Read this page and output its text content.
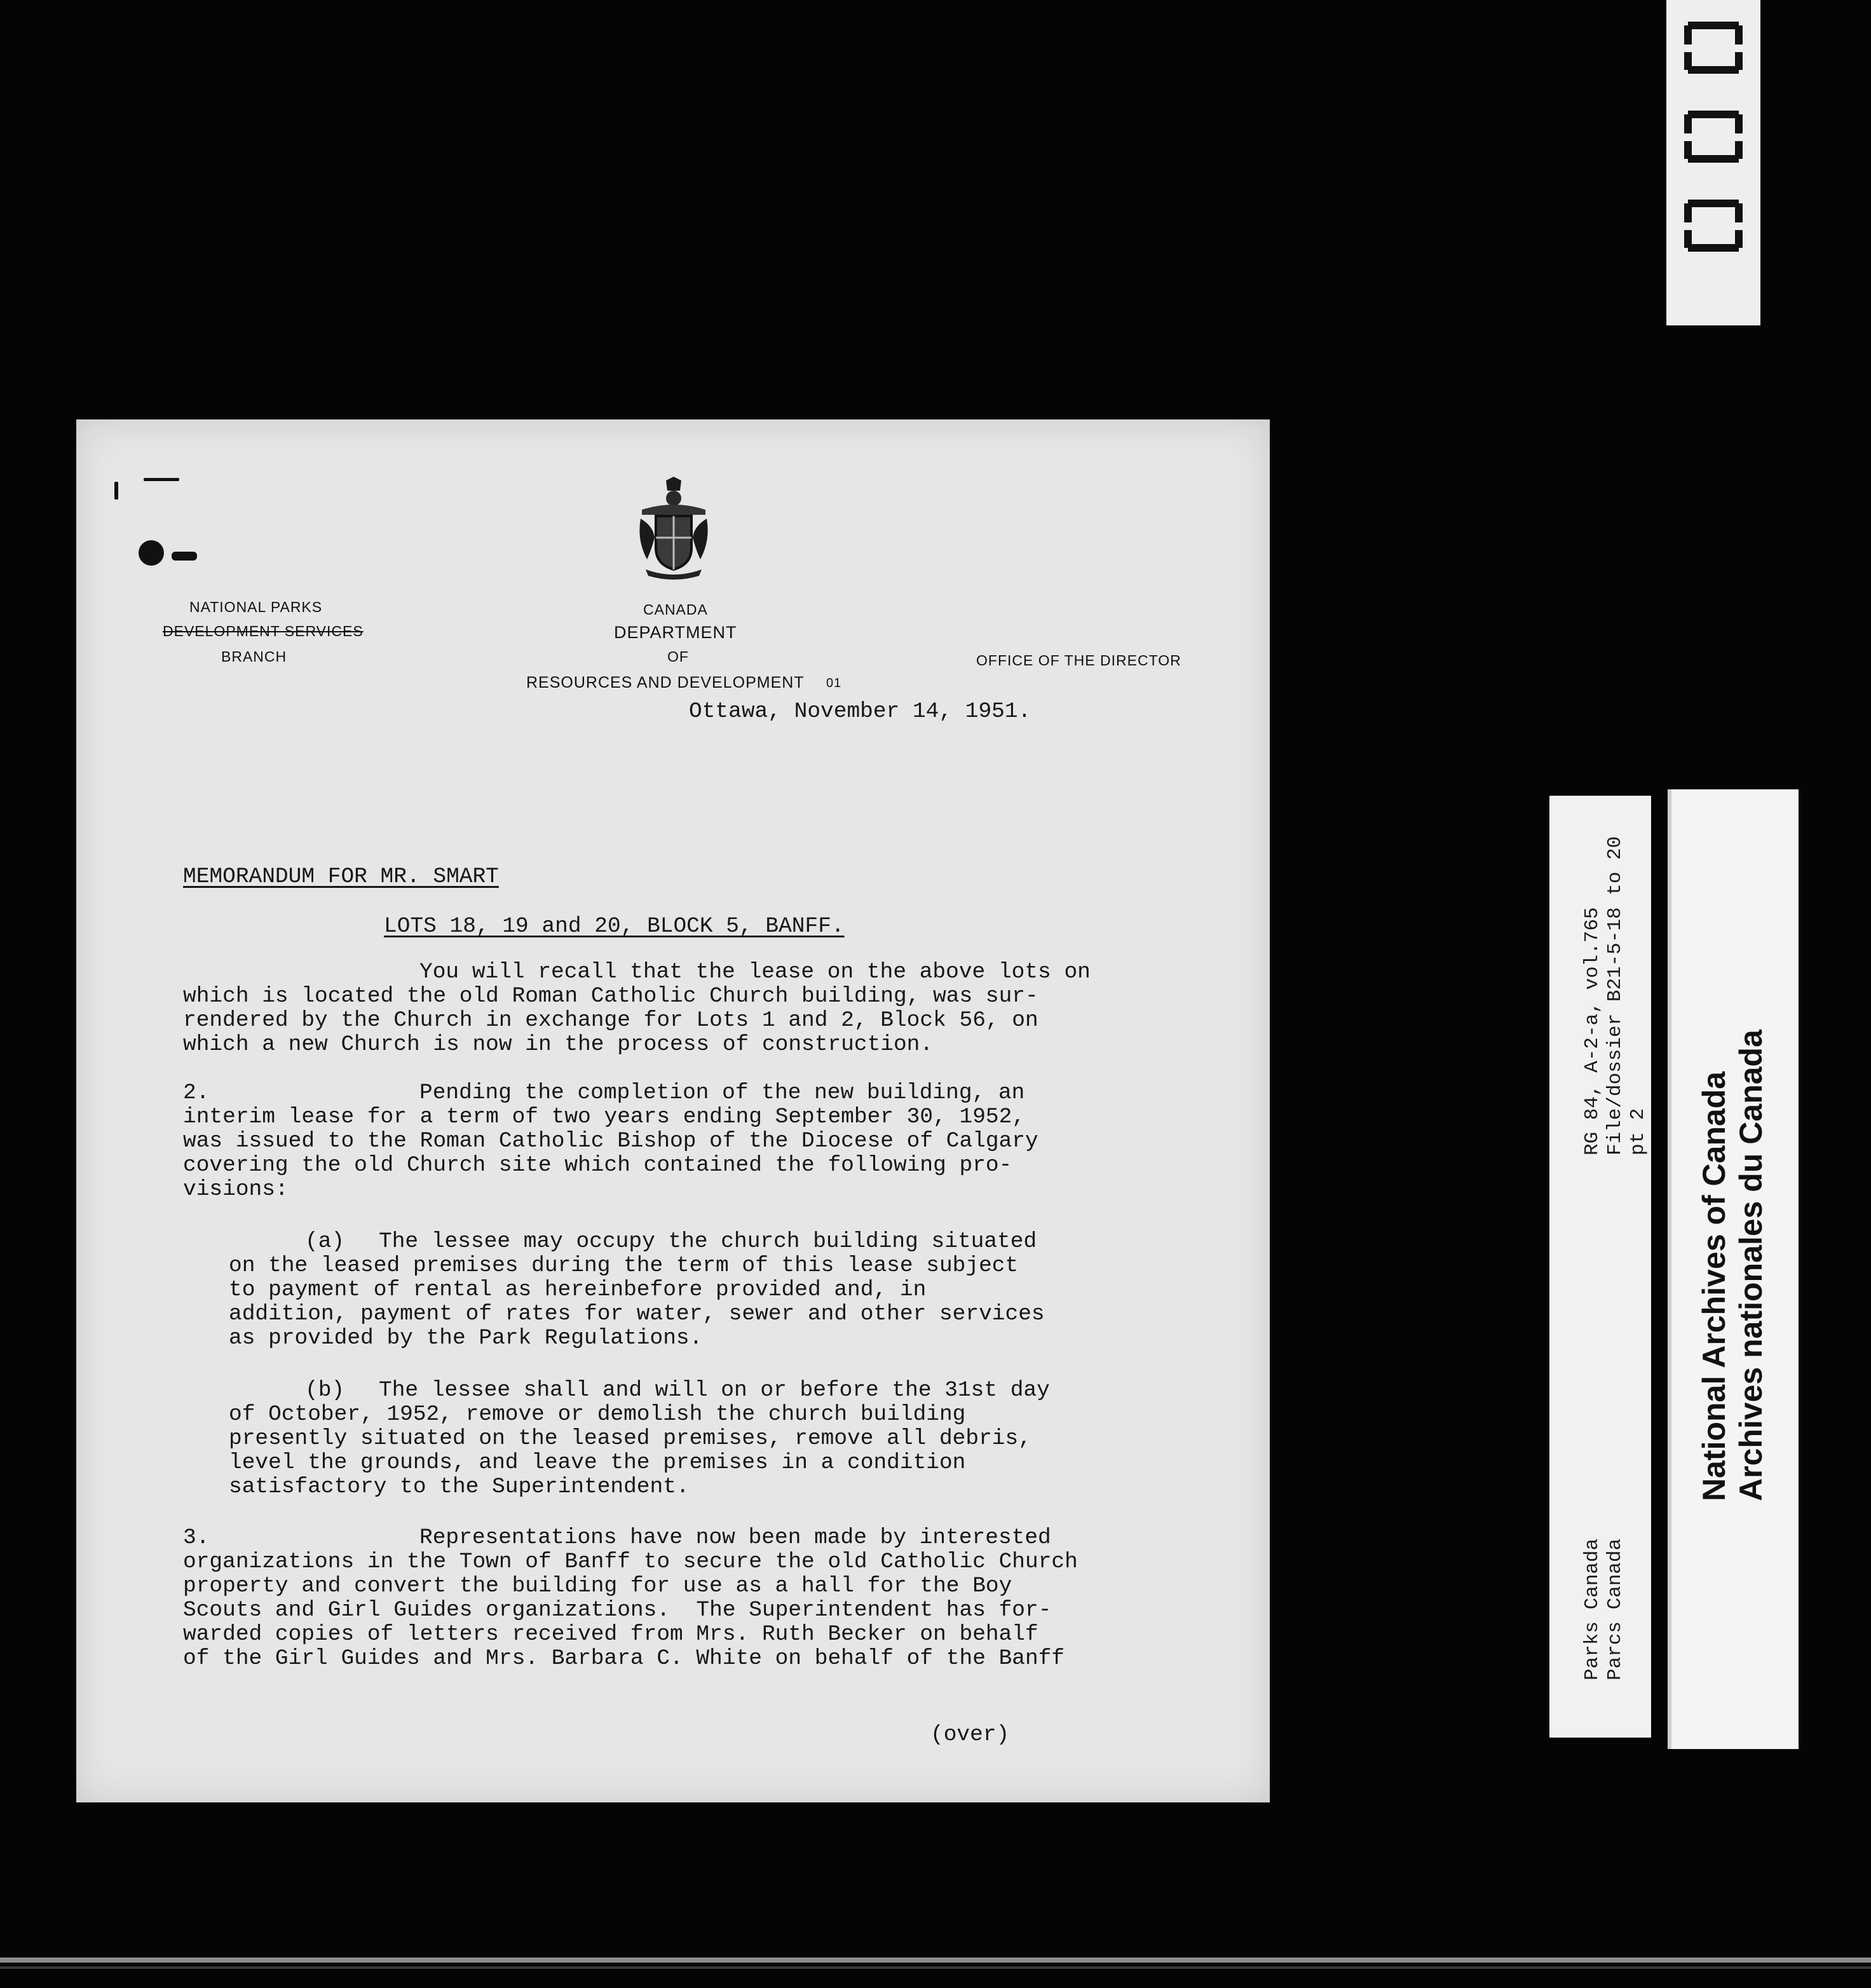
Parks Canada
Parcs Canada
RG 84, A-2-a, vol.765
File/dossier B21-5-18 to 20
pt 2 National Archives of Canada
Archives nationales du Canada
NATIONAL PARKS
DEVELOPMENT SERVICES
BRANCH
CANADA
DEPARTMENT
OF
RESOURCES AND DEVELOPMENT
OFFICE OF THE DIRECTOR
01
Ottawa, November 14, 1951.
MEMORANDUM FOR MR. SMART
LOTS 18, 19 and 20, BLOCK 5, BANFF.
You will recall that the lease on the above lots on
which is located the old Roman Catholic Church building, was sur-
rendered by the Church in exchange for Lots 1 and 2, Block 56, on
which a new Church is now in the process of construction.
2.	Pending the completion of the new building, an
interim lease for a term of two years ending September 30, 1952,
was issued to the Roman Catholic Bishop of the Diocese of Calgary
covering the old Church site which contained the following pro-
visions:
(a) The lessee may occupy the church building situated
on the leased premises during the term of this lease subject
to payment of rental as hereinbefore provided and, in
addition, payment of rates for water, sewer and other services
as provided by the Park Regulations.
(b) The lessee shall and will on or before the 31st day
of October, 1952, remove or demolish the church building
presently situated on the leased premises, remove all debris,
level the grounds, and leave the premises in a condition
satisfactory to the Superintendent.
3.	Representations have now been made by interested
organizations in the Town of Banff to secure the old Catholic Church
property and convert the building for use as a hall for the Boy
Scouts and Girl Guides organizations.  The Superintendent has for-
warded copies of letters received from Mrs. Ruth Becker on behalf
of the Girl Guides and Mrs. Barbara C. White on behalf of the Banff
(over)
